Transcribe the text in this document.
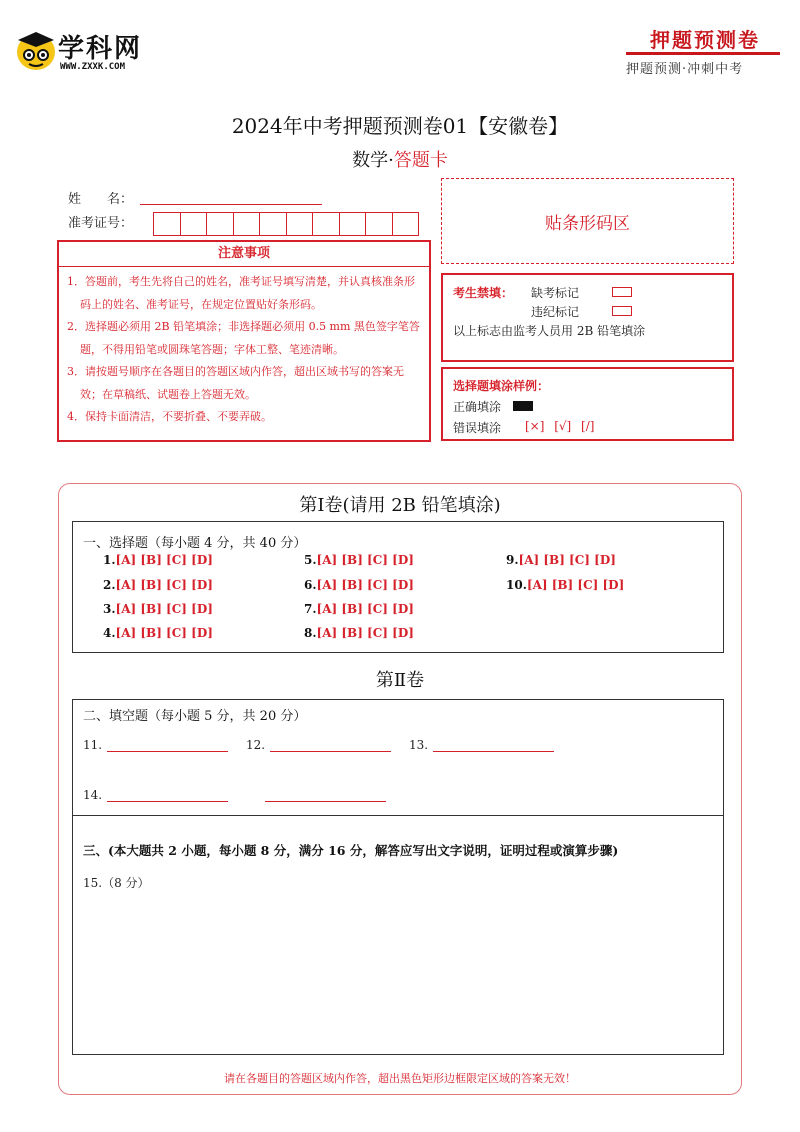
学科网
WWW.ZXXK.COM
押题预测卷
押题预测·冲刺中考
2024年中考押题预测卷01【安徽卷】
数学·答题卡
姓　　名：
准考证号：	贴条形码区
注意事项

1．答题前，考生先将自己的姓名，准考证号填写清楚，并认真核准条形码上的姓名、准考证号，在规定位置贴好条形码。

2．选择题必须用 2B 铅笔填涂；非选择题必须用 0.5 mm 黑色签字笔答题，不得用铅笔或圆珠笔答题；字体工整、笔迹清晰。

3．请按题号顺序在各题目的答题区域内作答，超出区域书写的答案无效；在草稿纸、试题卷上答题无效。

4．保持卡面清洁，不要折叠、不要弄破。

考生禁填： 缺考标记
违纪标记
以上标志由监考人员用 2B 铅笔填涂
选择题填涂样例：
正确填涂
错误填涂 [×] [√] [/]
第Ⅰ卷(请用 2B 铅笔填涂)
一、选择题（每小题 4 分，共 40 分）
1.[A] [B] [C] [D]
2.[A] [B] [C] [D]
3.[A] [B] [C] [D]
4.[A] [B] [C] [D]
5.[A] [B] [C] [D]
6.[A] [B] [C] [D]
7.[A] [B] [C] [D]
8.[A] [B] [C] [D]
9.[A] [B] [C] [D]
10.[A] [B] [C] [D]
第Ⅱ卷
二、填空题（每小题 5 分，共 20 分）
11.	12.	13.
14.
三、(本大题共 2 小题，每小题 8 分，满分 16 分，解答应写出文字说明，证明过程或演算步骤)
15.（8 分）
请在各题目的答题区域内作答，超出黑色矩形边框限定区域的答案无效！
